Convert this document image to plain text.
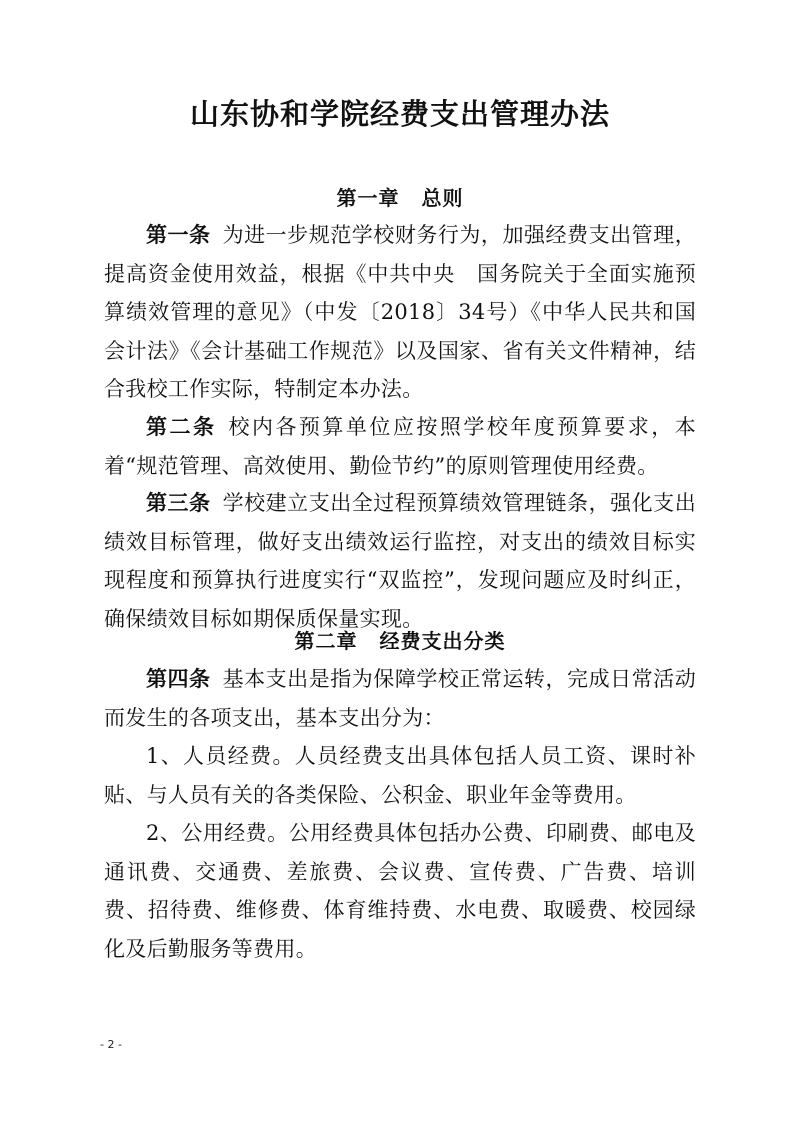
山东协和学院经费支出管理办法
第一章 总则

第一条 为进一步规范学校财务行为，加强经费支出管理，提高资金使用效益，根据《中共中央　国务院关于全面实施预算绩效管理的意见》（中发〔2018〕34号）《中华人民共和国会计法》《会计基础工作规范》以及国家、省有关文件精神，结合我校工作实际，特制定本办法。

第二条 校内各预算单位应按照学校年度预算要求，本着“规范管理、高效使用、勤俭节约”的原则管理使用经费。

第三条 学校建立支出全过程预算绩效管理链条，强化支出绩效目标管理，做好支出绩效运行监控，对支出的绩效目标实现程度和预算执行进度实行“双监控”，发现问题应及时纠正，确保绩效目标如期保质保量实现。

第二章 经费支出分类

第四条 基本支出是指为保障学校正常运转，完成日常活动而发生的各项支出，基本支出分为：

1、人员经费。人员经费支出具体包括人员工资、课时补贴、与人员有关的各类保险、公积金、职业年金等费用。

2、公用经费。公用经费具体包括办公费、印刷费、邮电及通讯费、交通费、差旅费、会议费、宣传费、广告费、培训费、招待费、维修费、体育维持费、水电费、取暖费、校园绿化及后勤服务等费用。

- 2 -
